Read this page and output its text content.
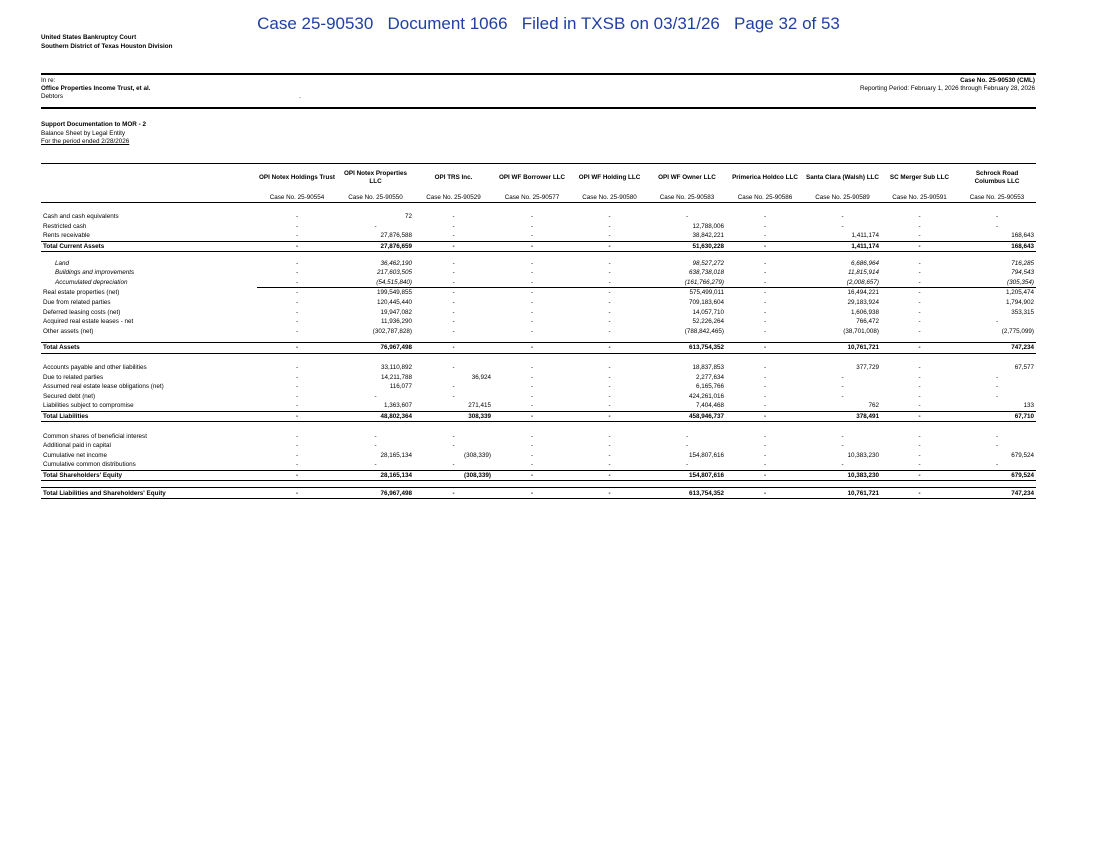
Case 25-90530   Document 1066   Filed in TXSB on 03/31/26   Page 32 of 53
United States Bankruptcy Court
Southern District of Texas Houston Division
In re:
Office Properties Income Trust, et al.
Debtors	.
Case No. 25-90530 (CML)
Reporting Period: February 1, 2026 through February 28, 2026
Support Documentation to MOR - 2
Balance Sheet by Legal Entity
For the period ended 2/28/2026
	OPI Notex Holdings Trust	OPI Notex Properties LLC	OPI TRS Inc.	OPI WF Borrower LLC	OPI WF Holding LLC	OPI WF Owner LLC	Primerica Holdco LLC	Santa Clara (Walsh) LLC	SC Merger Sub LLC	Schrock Road Columbus LLC
	Case No. 25-90554	Case No. 25-90550	Case No. 25-90529	Case No. 25-90577	Case No. 25-90580	Case No. 25-90583	Case No. 25-90586	Case No. 25-90589	Case No. 25-90591	Case No. 25-90553

Cash and cash equivalents	-	72	-	-	-	-	-	-	-	-
Restricted cash	-	-	-	-	-	12,788,006	-	-	-	-
Rents receivable	-	27,876,588	-	-	-	38,842,221	-	1,411,174	-	168,643
Total Current Assets	-	27,876,659	-	-	-	51,630,228	-	1,411,174	-	168,643

Land	-	36,462,190	-	-	-	98,527,272	-	6,686,964	-	716,285
Buildings and improvements	-	217,603,505	-	-	-	638,738,018	-	11,815,914	-	794,543
Accumulated depreciation	-	(54,515,840)	-	-	-	(161,766,279)	-	(2,008,657)	-	(305,354)
Real estate properties (net)	-	199,549,855	-	-	-	575,499,011	-	16,494,221	-	1,205,474
Due from related parties	-	120,445,440	-	-	-	709,183,604	-	29,183,924	-	1,794,902
Deferred leasing costs (net)	-	19,947,082	-	-	-	14,057,710	-	1,606,938	-	353,315
Acquired real estate leases - net	-	11,936,290	-	-	-	52,226,264	-	766,472	-	-
Other assets (net)	-	(302,787,828)	-	-	-	(788,842,465)	-	(38,701,008)	-	(2,775,099)

Total Assets	-	76,967,498	-	-	-	613,754,352	-	10,761,721	-	747,234

Accounts payable and other liabilities	-	33,110,892	-	-	-	18,837,853	-	377,729	-	67,577
Due to related parties	-	14,211,788	36,924	-	-	2,277,634	-	-	-	-
Assumed real estate lease obligations (net)	-	116,077	-	-	-	6,165,766	-	-	-	-
Secured debt (net)	-	-	-	-	-	424,261,016	-	-	-	-
Liabilities subject to compromise	-	1,363,607	271,415	-	-	7,404,468	-	762	-	133
Total Liabilities	-	48,802,364	308,339	-	-	458,946,737	-	378,491	-	67,710

Common shares of beneficial interest	-	-	-	-	-	-	-	-	-	-
Additional paid in capital	-	-	-	-	-	-	-	-	-	-
Cumulative net income	-	28,165,134	(308,339)	-	-	154,807,616	-	10,383,230	-	679,524
Cumulative common distributions	-	-	-	-	-	-	-	-	-	-
Total Shareholders' Equity	-	28,165,134	(308,339)	-	-	154,807,616	-	10,383,230	-	679,524

Total Liabilities and Shareholders' Equity	-	76,967,498	-	-	-	613,754,352	-	10,761,721	-	747,234
